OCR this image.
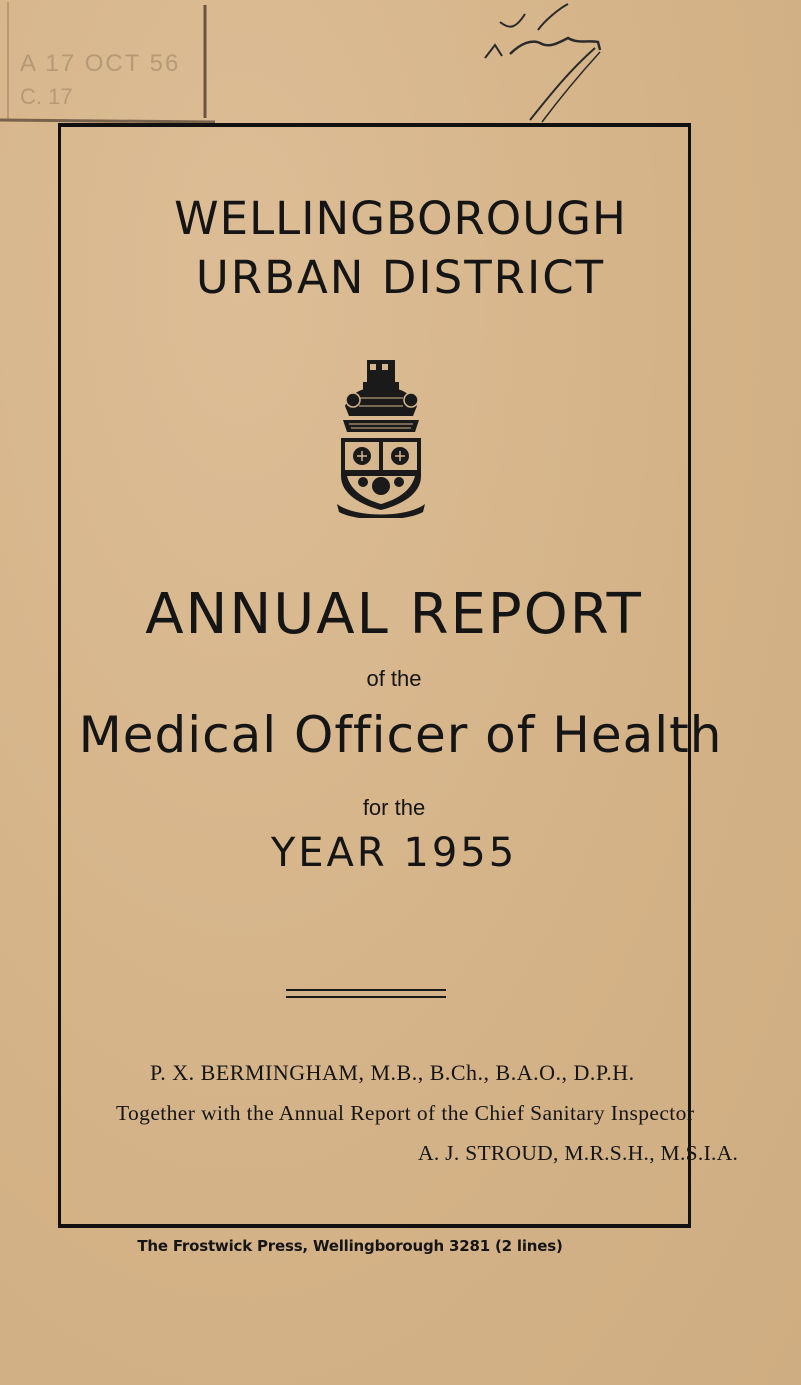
A 17 OCT 56
C. 17
WELLINGBOROUGH
URBAN DISTRICT
ANNUAL REPORT
of the
Medical Officer of Health
for the
YEAR 1955
P. X. BERMINGHAM, M.B., B.Ch., B.A.O., D.P.H.
Together with the Annual Report of the Chief Sanitary Inspector
A. J. STROUD, M.R.S.H., M.S.I.A.
The Frostwick Press, Wellingborough 3281 (2 lines)
